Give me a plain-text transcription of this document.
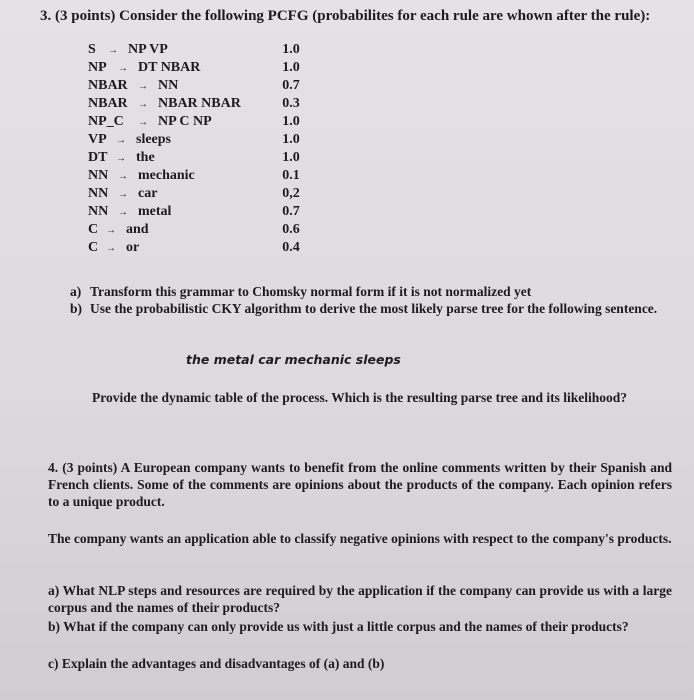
3. (3 points) Consider the following PCFG (probabilites for each rule are whown after the rule):
S → NP VP	1.0
NP → DT NBAR	1.0
NBAR → NN	0.7
NBAR → NBAR NBAR	0.3
NP_C → NP C NP	1.0
VP → sleeps	1.0
DT → the	1.0
NN → mechanic	0.1
NN → car	0,2
NN → metal	0.7
C → and	0.6
C → or	0.4
a) Transform this grammar to Chomsky normal form if it is not normalized yet
b) Use the probabilistic CKY algorithm to derive the most likely parse tree for the following sentence.
the metal car mechanic sleeps
Provide the dynamic table of the process. Which is the resulting parse tree and its likelihood?
4. (3 points) A European company wants to benefit from the online comments written by their Spanish and French clients. Some of the comments are opinions about the products of the company. Each opinion refers to a unique product.
The company wants an application able to classify negative opinions with respect to the company's products.
a) What NLP steps and resources are required by the application if the company can provide us with a large corpus and the names of their products?
b) What if the company can only provide us with just a little corpus and the names of their products?
c) Explain the advantages and disadvantages of (a) and (b)
